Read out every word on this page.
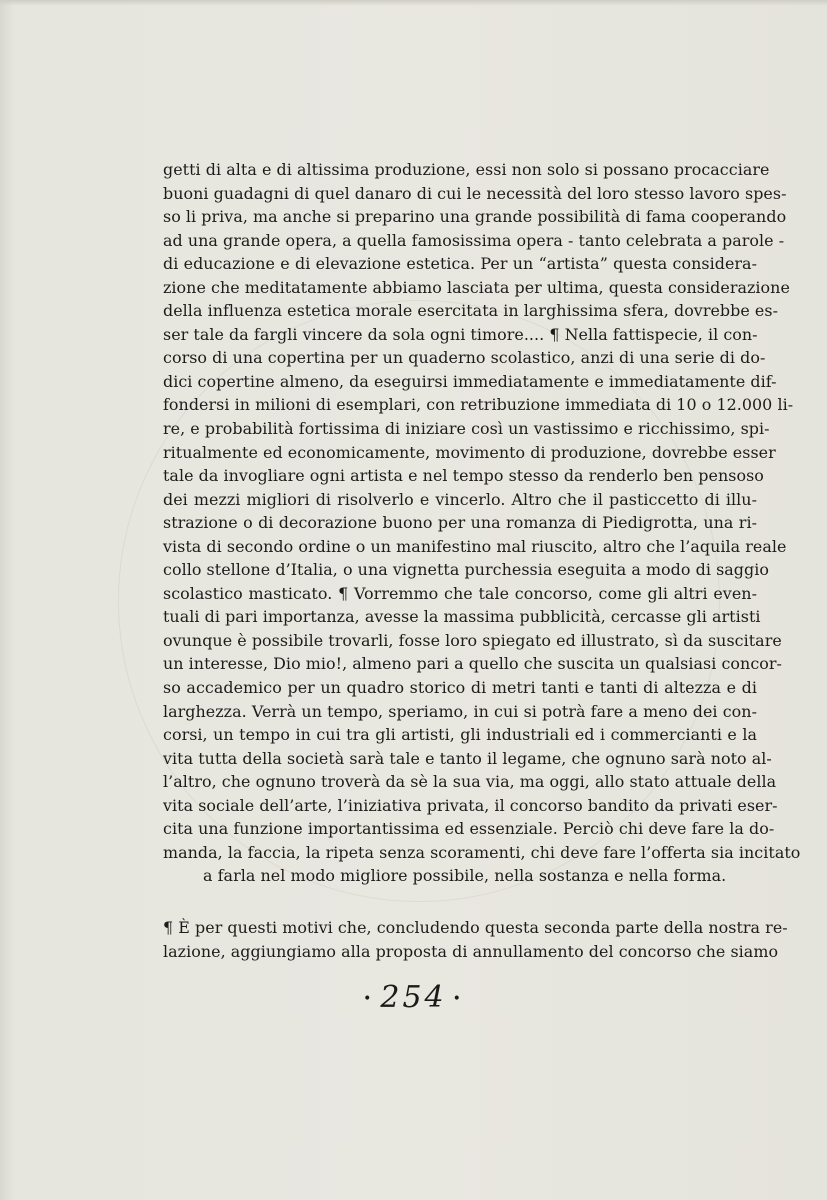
getti di alta e di altissima produzione, essi non solo si possano procacciare
buoni guadagni di quel danaro di cui le necessità del loro stesso lavoro spes-
so li priva, ma anche si preparino una grande possibilità di fama cooperando
ad una grande opera, a quella famosissima opera - tanto celebrata a parole -
di educazione e di elevazione estetica. Per un “artista” questa considera-
zione che meditatamente abbiamo lasciata per ultima, questa considerazione
della influenza estetica morale esercitata in larghissima sfera, dovrebbe es-
ser tale da fargli vincere da sola ogni timore.... ¶ Nella fattispecie, il con-
corso di una copertina per un quaderno scolastico, anzi di una serie di do-
dici copertine almeno, da eseguirsi immediatamente e immediatamente dif-
fondersi in milioni di esemplari, con retribuzione immediata di 10 o 12.000 li-
re, e probabilità fortissima di iniziare così un vastissimo e ricchissimo, spi-
ritualmente ed economicamente, movimento di produzione, dovrebbe esser
tale da invogliare ogni artista e nel tempo stesso da renderlo ben pensoso
dei mezzi migliori di risolverlo e vincerlo. Altro che il pasticcetto di illu-
strazione o di decorazione buono per una romanza di Piedigrotta, una ri-
vista di secondo ordine o un manifestino mal riuscito, altro che l’aquila reale
collo stellone d’Italia, o una vignetta purchessia eseguita a modo di saggio
scolastico masticato. ¶ Vorremmo che tale concorso, come gli altri even-
tuali di pari importanza, avesse la massima pubblicità, cercasse gli artisti
ovunque è possibile trovarli, fosse loro spiegato ed illustrato, sì da suscitare
un interesse, Dio mio!, almeno pari a quello che suscita un qualsiasi concor-
so accademico per un quadro storico di metri tanti e tanti di altezza e di
larghezza. Verrà un tempo, speriamo, in cui si potrà fare a meno dei con-
corsi, un tempo in cui tra gli artisti, gli industriali ed i commercianti e la
vita tutta della società sarà tale e tanto il legame, che ognuno sarà noto al-
l’altro, che ognuno troverà da sè la sua via, ma oggi, allo stato attuale della
vita sociale dell’arte, l’iniziativa privata, il concorso bandito da privati eser-
cita una funzione importantissima ed essenziale. Perciò chi deve fare la do-
manda, la faccia, la ripeta senza scoramenti, chi deve fare l’offerta sia incitato
a farla nel modo migliore possibile, nella sostanza e nella forma.
¶ È per questi motivi che, concludendo questa seconda parte della nostra re-
lazione, aggiungiamo alla proposta di annullamento del concorso che siamo
• 254 •
